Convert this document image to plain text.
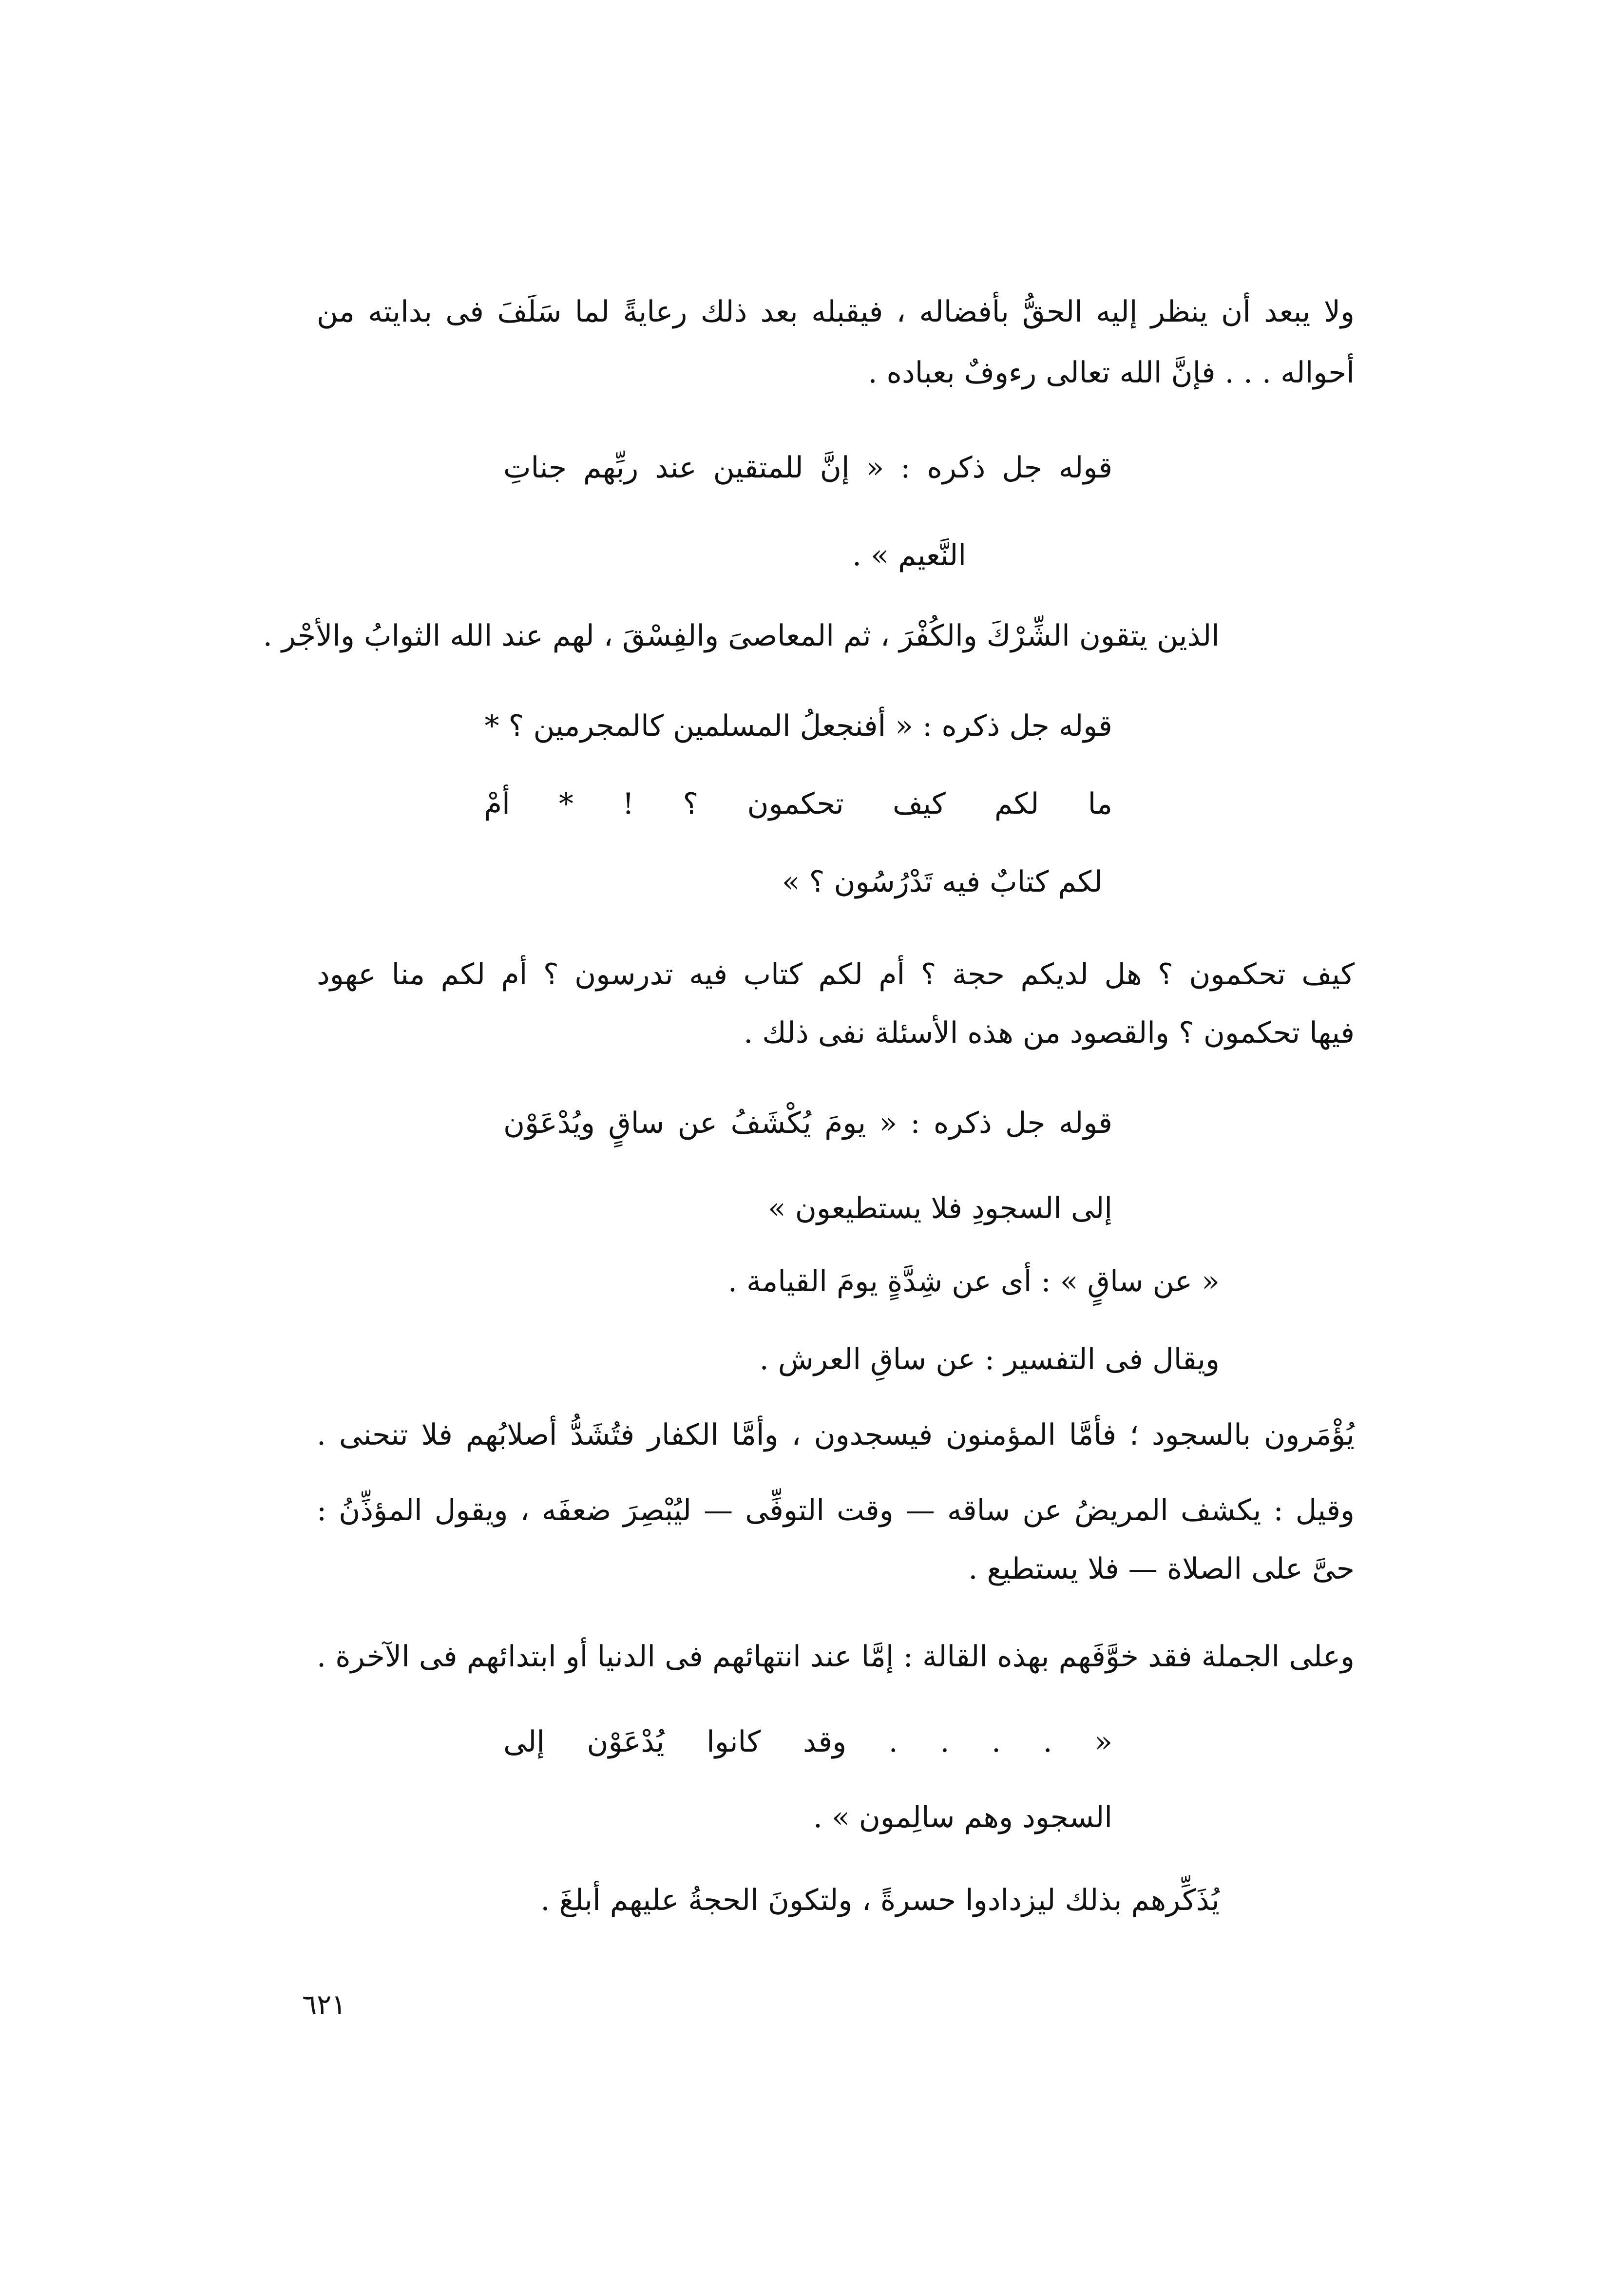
ولا يبعد أن ينظر إليه الحقُّ بأفضاله ، فيقبله بعد ذلك رعايةً لما سَلَفَ فى بدايته من

أحواله . . . فإنَّ الله تعالى رءوفٌ بعباده .

قوله جل ذكره : « إنَّ للمتقين عند ربِّهم جناتِ

النَّعيم » .

الذين يتقون الشِّرْكَ والكُفْرَ ، ثم المعاصىَ والفِسْقَ ، لهم عند الله الثوابُ والأجْر .

قوله جل ذكره : « أفنجعلُ المسلمين كالمجرمين ؟ *

ما لكم كيف تحكمون ؟ ! * أمْ

لكم كتابٌ فيه تَدْرُسُون ؟ »

كيف تحكمون ؟ هل لديكم حجة ؟ أم لكم كتاب فيه تدرسون ؟ أم لكم منا عهود

فيها تحكمون ؟ والقصود من هذه الأسئلة نفى ذلك .

قوله جل ذكره : « يومَ يُكْشَفُ عن ساقٍ ويُدْعَوْن

إلى السجودِ فلا يستطيعون »

« عن ساقٍ » : أى عن شِدَّةٍ يومَ القيامة .

ويقال فى التفسير : عن ساقِ العرش .

يُؤْمَرون بالسجود ؛ فأمَّا المؤمنون فيسجدون ، وأمَّا الكفار فتُشَدُّ أصلابُهم فلا تنحنى .

وقيل : يكشف المريضُ عن ساقه — وقت التوفِّى — ليُبْصِرَ ضعفَه ، ويقول المؤذِّنُ :

حىَّ على الصلاة — فلا يستطيع .

وعلى الجملة فقد خوَّفَهم بهذه القالة : إمَّا عند انتهائهم فى الدنيا أو ابتدائهم فى الآخرة .

« . . . . وقد كانوا يُدْعَوْن إلى

السجود وهم سالِمون » .

يُذَكِّرهم بذلك ليزدادوا حسرةً ، ولتكونَ الحجةُ عليهم أبلغَ .

٦٢١
